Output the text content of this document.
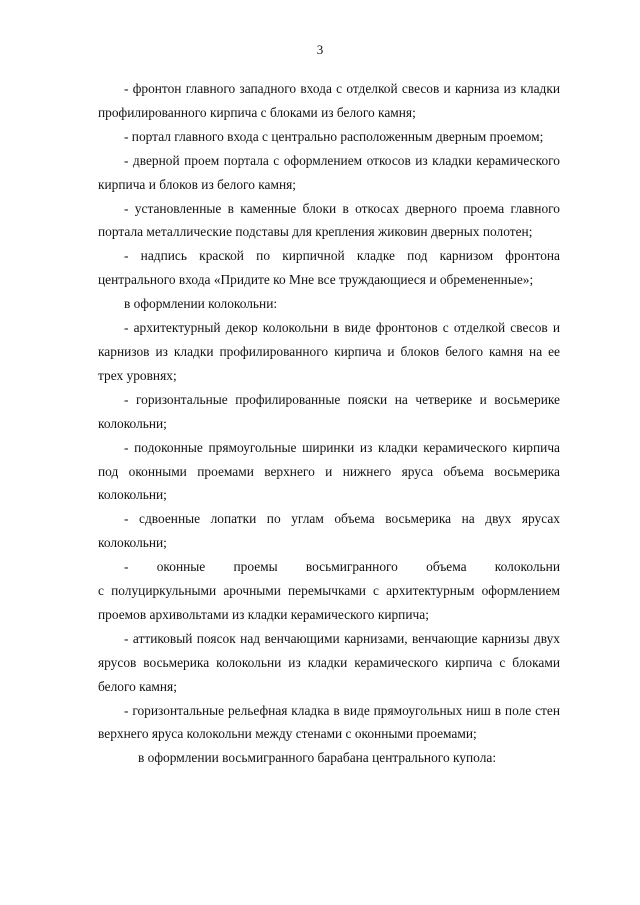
3

- фронтон главного западного входа с отделкой свесов и карниза из кладки профилированного кирпича с блоками из белого камня;

- портал главного входа с центрально расположенным дверным проемом;

- дверной проем портала с оформлением откосов из кладки керамического кирпича и блоков из белого камня;

- установленные в каменные блоки в откосах дверного проема главного портала металлические подставы для крепления жиковин дверных полотен;

- надпись краской по кирпичной кладке под карнизом фронтона центрального входа «Придите ко Мне все труждающиеся и обремененные»;

в оформлении колокольни:

- архитектурный декор колокольни в виде фронтонов с отделкой свесов и карнизов из кладки профилированного кирпича и блоков белого камня на ее трех уровнях;

- горизонтальные профилированные пояски на четверике и восьмерике колокольни;

- подоконные прямоугольные ширинки из кладки керамического кирпича под оконными проемами верхнего и нижнего яруса объема восьмерика колокольни;

- сдвоенные лопатки по углам объема восьмерика на двух ярусах колокольни;

- оконные проемы восьмигранного объема колокольни

с полуциркульными арочными перемычками с архитектурным оформлением проемов архивольтами из кладки керамического кирпича;

- аттиковый поясок над венчающими карнизами, венчающие карнизы двух ярусов восьмерика колокольни из кладки керамического кирпича с блоками белого камня;

- горизонтальные рельефная кладка в виде прямоугольных ниш в поле стен верхнего яруса колокольни между стенами с оконными проемами;

в оформлении восьмигранного барабана центрального купола:
